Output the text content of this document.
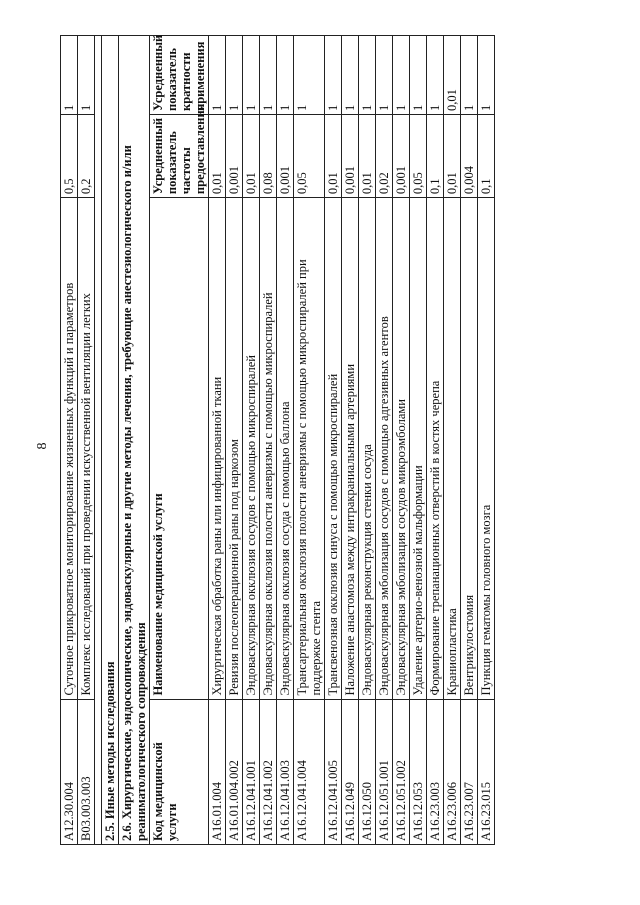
8
A12.30.004	Суточное прикроватное мониторирование жизненных функций и параметров	0,5	1
B03.003.003	Комплекс исследований при проведении искусственной вентиляции легких	0,2	1

2.5. Иные методы исследования			
2.6. Хирургические, эндоскопические, эндоваскулярные и другие методы лечения, требующие анестезиологического и/или реаниматологического сопровождения			
Код медицинской услуги	Наименование медицинской услуги	Усредненный показатель частоты предоставления	Усредненный показатель кратности применения
A16.01.004	Хирургическая обработка раны или инфицированной ткани	0,01	1
A16.01.004.002	Ревизия послеоперационной раны под наркозом	0,001	1
A16.12.041.001	Эндоваскулярная окклюзия сосудов с помощью микроспиралей	0,01	1
A16.12.041.002	Эндоваскулярная окклюзия полости аневризмы с помощью микроспиралей	0,08	1
A16.12.041.003	Эндоваскулярная окклюзия сосуда с помощью баллона	0,001	1
A16.12.041.004	Трансартериальная окклюзия полости аневризмы с помощью микроспиралей при поддержке стента	0,05	1
A16.12.041.005	Трансвенозная окклюзия синуса с помощью микроспиралей	0,01	1
A16.12.049	Наложение анастомоза между интракраниальными артериями	0,001	1
A16.12.050	Эндоваскулярная реконструкция стенки сосуда	0,01	1
A16.12.051.001	Эндоваскулярная эмболизация сосудов с помощью адгезивных агентов	0,02	1
A16.12.051.002	Эндоваскулярная эмболизация сосудов микроэмболами	0,001	1
A16.12.053	Удаление артерио-венозной мальформации	0,05	1
A16.23.003	Формирование трепанационных отверстий в костях черепа	0,1	1
A16.23.006	Краниопластика	0,01	0,01
A16.23.007	Вентрикулостомия	0,004	1
A16.23.015	Пункция гематомы головного мозга	0,1	1
